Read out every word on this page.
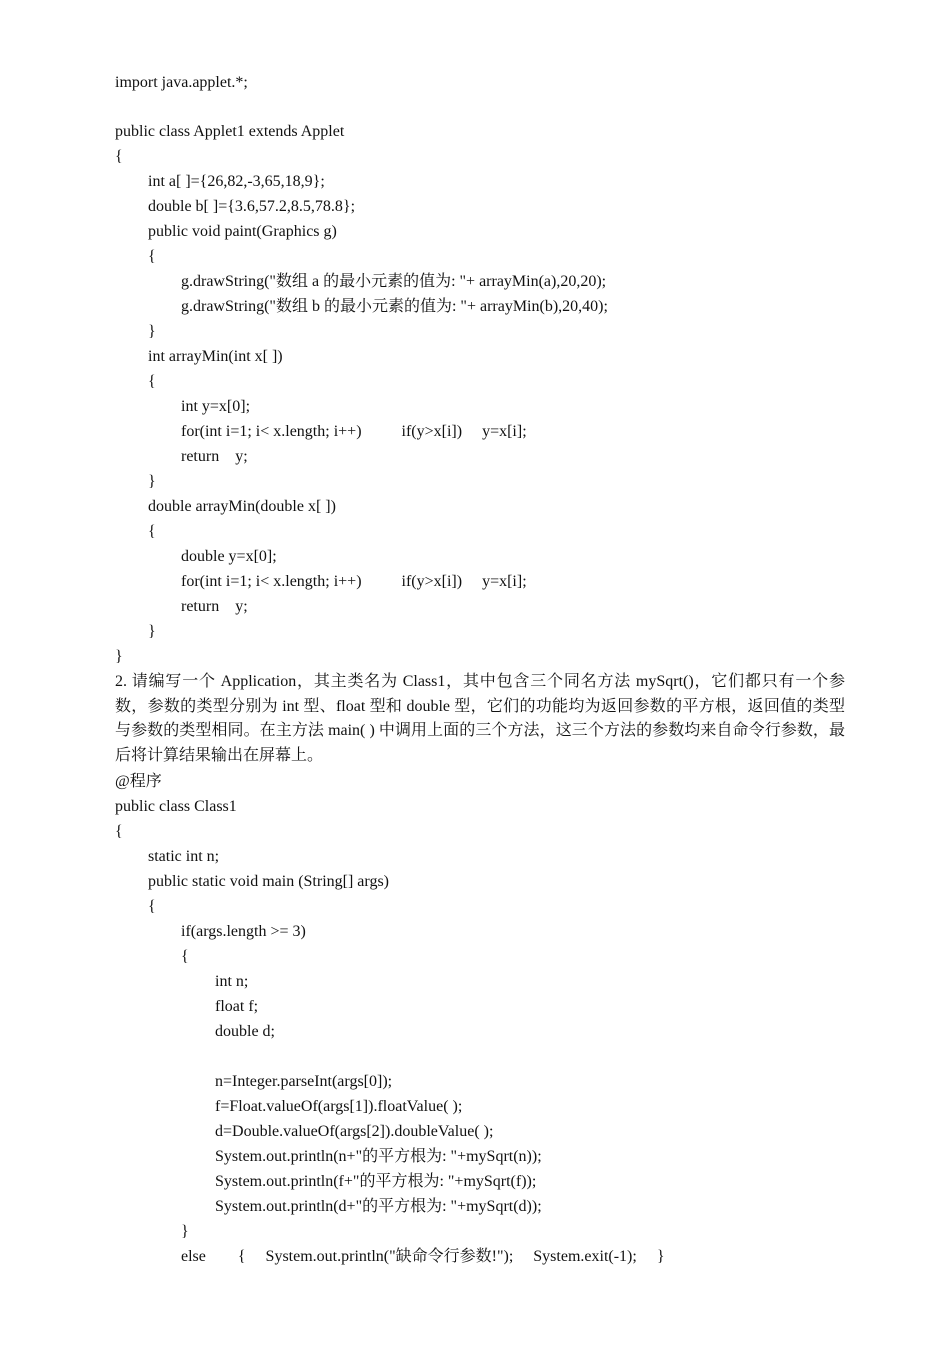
import java.applet.*;
public class Applet1 extends Applet
{
int a[ ]={26,82,-3,65,18,9};
double b[ ]={3.6,57.2,8.5,78.8};
public void paint(Graphics g)
{
g.drawString("数组 a 的最小元素的值为: "+ arrayMin(a),20,20);
g.drawString("数组 b 的最小元素的值为: "+ arrayMin(b),20,40);
}
int arrayMin(int x[ ])
{
int y=x[0];
for(int i=1; i< x.length; i++)          if(y>x[i])     y=x[i];
return    y;
}
double arrayMin(double x[ ])
{
double y=x[0];
for(int i=1; i< x.length; i++)          if(y>x[i])     y=x[i];
return    y;
}
}
2. 请编写一个 Application，其主类名为 Class1，其中包含三个同名方法 mySqrt()，它们都只有一个参数，参数的类型分别为 int 型、float 型和 double 型，它们的功能均为返回参数的平方根，返回值的类型与参数的类型相同。在主方法 main( ) 中调用上面的三个方法，这三个方法的参数均来自命令行参数，最后将计算结果输出在屏幕上。
@程序
public class Class1
{
static int n;
public static void main (String[] args)
{
if(args.length >= 3)
{
int n;
float f;
double d;
n=Integer.parseInt(args[0]);
f=Float.valueOf(args[1]).floatValue( );
d=Double.valueOf(args[2]).doubleValue( );
System.out.println(n+"的平方根为: "+mySqrt(n));
System.out.println(f+"的平方根为: "+mySqrt(f));
System.out.println(d+"的平方根为: "+mySqrt(d));
}
else        {     System.out.println("缺命令行参数!");     System.exit(-1);     }
